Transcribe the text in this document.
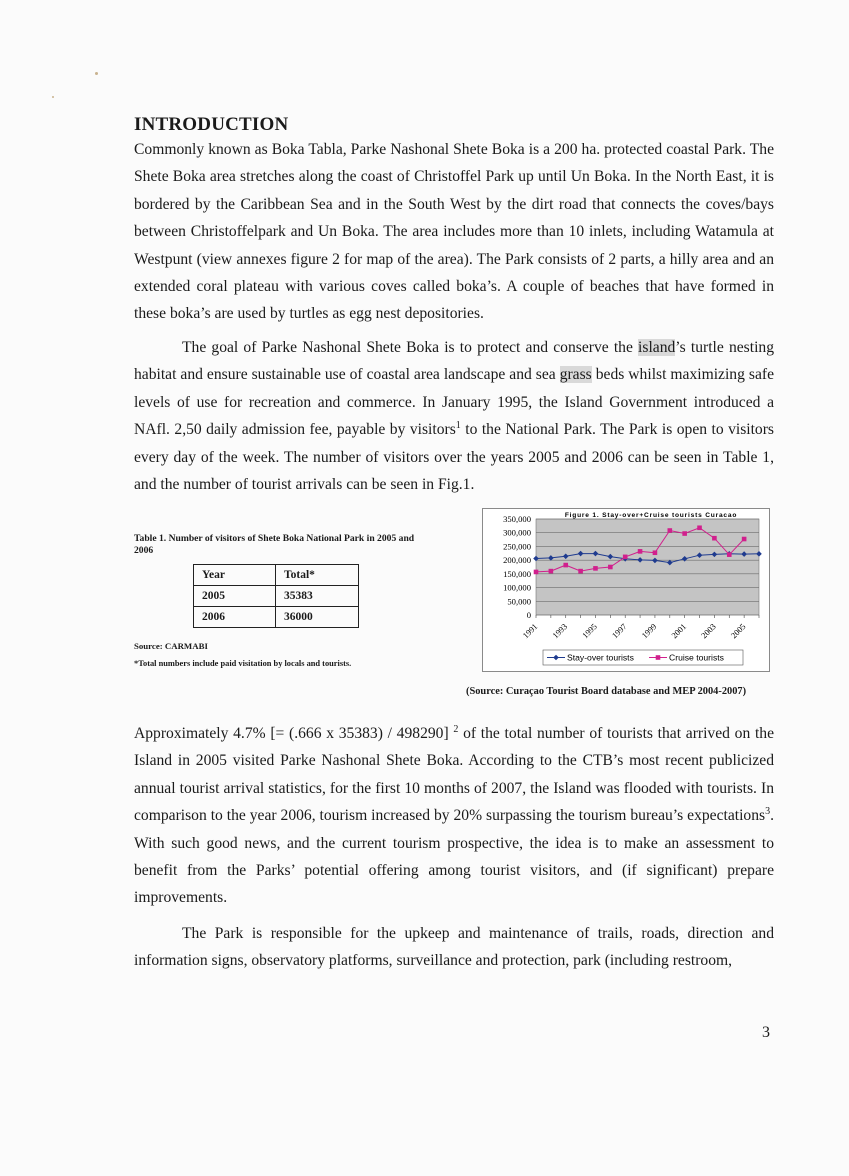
INTRODUCTION

Commonly known as Boka Tabla, Parke Nashonal Shete Boka is a 200 ha. protected coastal Park. The Shete Boka area stretches along the coast of Christoffel Park up until Un Boka. In the North East, it is bordered by the Caribbean Sea and in the South West by the dirt road that connects the coves/bays between Christoffelpark and Un Boka. The area includes more than 10 inlets, including Watamula at Westpunt (view annexes figure 2 for map of the area). The Park consists of 2 parts, a hilly area and an extended coral plateau with various coves called boka’s. A couple of beaches that have formed in these boka’s are used by turtles as egg nest depositories.

The goal of Parke Nashonal Shete Boka is to protect and conserve the island’s turtle nesting habitat and ensure sustainable use of coastal area landscape and sea grass beds whilst maximizing safe levels of use for recreation and commerce. In January 1995, the Island Government introduced a NAfl. 2,50 daily admission fee, payable by visitors$^1$ to the National Park. The Park is open to visitors every day of the week. The number of visitors over the years 2005 and 2006 can be seen in Table 1, and the number of tourist arrivals can be seen in Fig.1.

Table 1. Number of visitors of Shete Boka National Park in 2005 and 2006
Year	Total*
2005	35383
2006	36000
Source: CARMABI
*Total numbers include paid visitation by locals and tourists.
Figure 1. Stay-over+Cruise tourists Curacao
350,000
300,000
250,000
200,000
150,000
100,000
50,000
0
1991 1993 1995 1997 1999 2001 2003 2005
Stay-over tourists	Cruise tourists
(Source: Curaçao Tourist Board database and MEP 2004-2007)

Approximately 4.7% [= (.666 x 35383) / 498290] $^2$ of the total number of tourists that arrived on the Island in 2005 visited Parke Nashonal Shete Boka. According to the CTB’s most recent publicized annual tourist arrival statistics, for the first 10 months of 2007, the Island was flooded with tourists. In comparison to the year 2006, tourism increased by 20% surpassing the tourism bureau’s expectations$^3$. With such good news, and the current tourism prospective, the idea is to make an assessment to benefit from the Parks’ potential offering among tourist visitors, and (if significant) prepare improvements.

The Park is responsible for the upkeep and maintenance of trails, roads, direction and information signs, observatory platforms, surveillance and protection, park (including restroom,

3
